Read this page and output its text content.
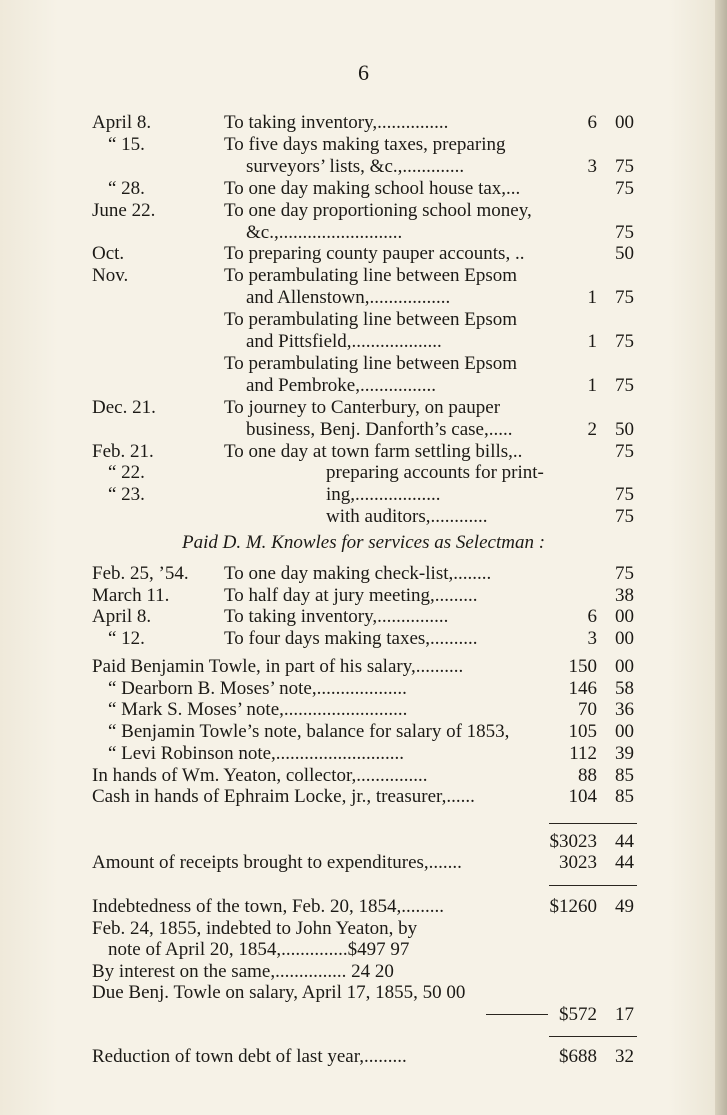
6
April 8.	To taking inventory,...............	6 00
“ 15.	To five days making taxes, preparing
surveyors’ lists, &c.,.............	3 75
“ 28.	To one day making school house tax,...	75
June 22.	To one day proportioning school money,
&c.,..........................	75
Oct.	To preparing county pauper accounts, ..	50
Nov.	To perambulating line between Epsom
and Allenstown,.................	1 75
To perambulating line between Epsom
and Pittsfield,...................	1 75
To perambulating line between Epsom
and Pembroke,................	1 75
Dec. 21.	To journey to Canterbury, on pauper
business, Benj. Danforth’s case,.....	2 50
Feb. 21.	To one day at town farm settling bills,..	75
“ 22.	preparing accounts for print-
“ 23.	ing,..................	75
with auditors,............	75
Paid D. M. Knowles for services as Selectman :
Feb. 25, ’54. To one day making check-list,........	75
March 11.	To half day at jury meeting,.........	38
April 8.	To taking inventory,...............	6 00
“ 12.	To four days making taxes,..........	3 00
Paid Benjamin Towle, in part of his salary,..........	150 00
“ Dearborn B. Moses’ note,...................	146 58
“ Mark S. Moses’ note,..........................	70 36
“ Benjamin Towle’s note, balance for salary of 1853,	105 00
“ Levi Robinson note,...........................	112 39
In hands of Wm. Yeaton, collector,...............	88 85
Cash in hands of Ephraim Locke, jr., treasurer,......	104 85
$3023 44
Amount of receipts brought to expenditures,.......	3023 44
Indebtedness of the town, Feb. 20, 1854,.........	$1260 49
Feb. 24, 1855, indebted to John Yeaton, by
note of April 20, 1854,..............$497 97
By interest on the same,............... 24 20
Due Benj. Towle on salary, April 17, 1855, 50 00
$572 17
Reduction of town debt of last year,.........	$688 32
